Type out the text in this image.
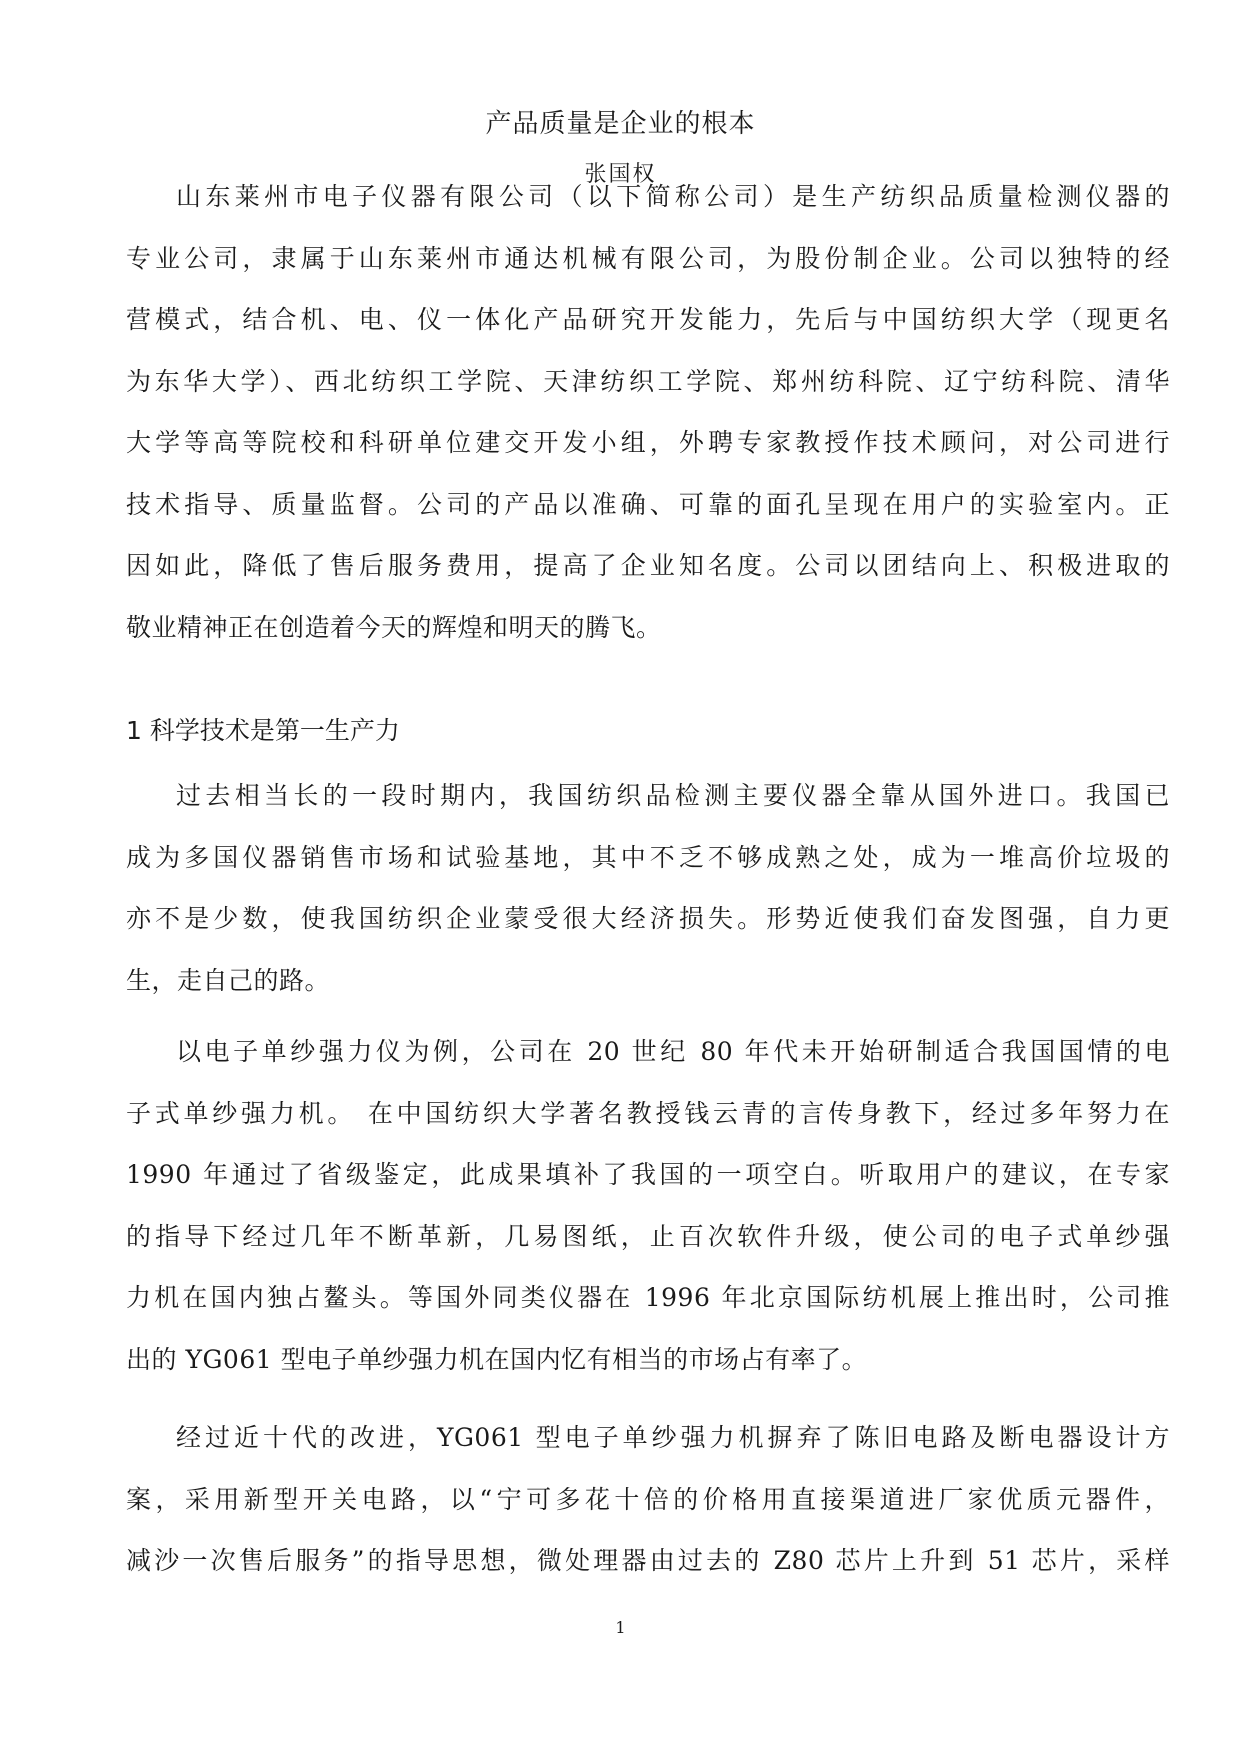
产品质量是企业的根本
张国权
山东莱州市电子仪器有限公司（以下简称公司）是生产纺织品质量检测仪器的
专业公司，隶属于山东莱州市通达机械有限公司，为股份制企业。公司以独特的经
营模式，结合机、电、仪一体化产品研究开发能力，先后与中国纺织大学（现更名
为东华大学）、西北纺织工学院、天津纺织工学院、郑州纺科院、辽宁纺科院、清华
大学等高等院校和科研单位建交开发小组，外聘专家教授作技术顾问，对公司进行
技术指导、质量监督。公司的产品以准确、可靠的面孔呈现在用户的实验室内。正
因如此，降低了售后服务费用，提高了企业知名度。公司以团结向上、积极进取的
敬业精神正在创造着今天的辉煌和明天的腾飞。
1 科学技术是第一生产力
过去相当长的一段时期内，我国纺织品检测主要仪器全靠从国外进口。我国已
成为多国仪器销售市场和试验基地，其中不乏不够成熟之处，成为一堆高价垃圾的
亦不是少数，使我国纺织企业蒙受很大经济损失。形势近使我们奋发图强，自力更
生，走自己的路。
以电子单纱强力仪为例，公司在 20 世纪 80 年代未开始研制适合我国国情的电
子式单纱强力机。 在中国纺织大学著名教授钱云青的言传身教下，经过多年努力在
1990 年通过了省级鉴定，此成果填补了我国的一项空白。听取用户的建议，在专家
的指导下经过几年不断革新，几易图纸，止百次软件升级，使公司的电子式单纱强
力机在国内独占鳌头。等国外同类仪器在 1996 年北京国际纺机展上推出时，公司推
出的 YG061 型电子单纱强力机在国内忆有相当的市场占有率了。
经过近十代的改进，YG061 型电子单纱强力机摒弃了陈旧电路及断电器设计方
案，采用新型开关电路，以“宁可多花十倍的价格用直接渠道进厂家优质元器件，
减沙一次售后服务”的指导思想，微处理器由过去的 Z80 芯片上升到 51 芯片，采样
1
